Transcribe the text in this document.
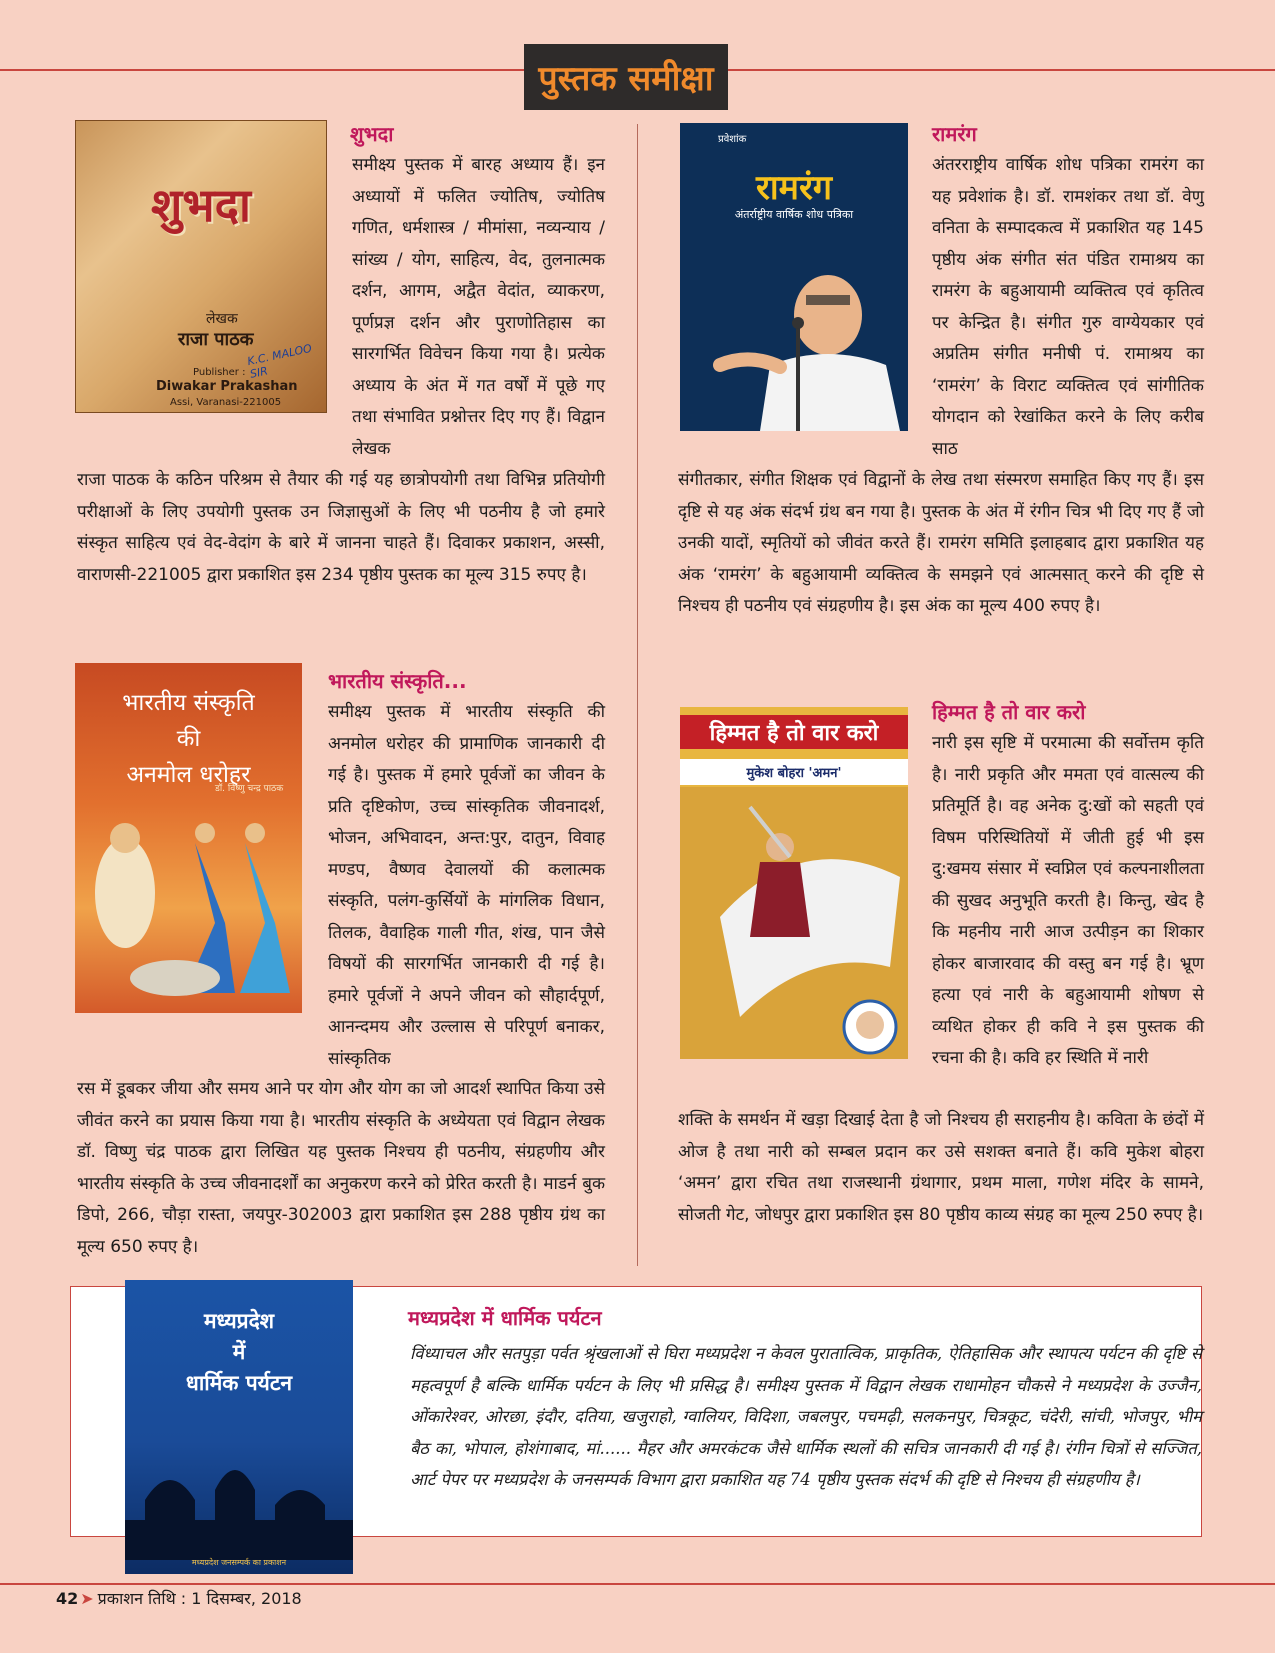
पुस्तक समीक्षा
शुभदा
लेखक
राजा पाठक
K.C. MALOO SIR
Publisher :
Diwakar Prakashan
Assi, Varanasi-221005
शुभदा

समीक्ष्य पुस्तक में बारह अध्याय हैं। इन अध्यायों में फलित ज्योतिष, ज्योतिष गणित, धर्मशास्त्र / मीमांसा, नव्यन्याय / सांख्य / योग, साहित्य, वेद, तुलनात्मक दर्शन, आगम, अद्वैत वेदांत, व्याकरण, पूर्णप्रज्ञ दर्शन और पुराणोतिहास का सारगर्भित विवेचन किया गया है। प्रत्येक अध्याय के अंत में गत वर्षों में पूछे गए तथा संभावित प्रश्नोत्तर दिए गए हैं। विद्वान लेखक

राजा पाठक के कठिन परिश्रम से तैयार की गई यह छात्रोपयोगी तथा विभिन्न प्रतियोगी परीक्षाओं के लिए उपयोगी पुस्तक उन जिज्ञासुओं के लिए भी पठनीय है जो हमारे संस्कृत साहित्य एवं वेद-वेदांग के बारे में जानना चाहते हैं। दिवाकर प्रकाशन, अस्सी, वाराणसी-221005 द्वारा प्रकाशित इस 234 पृष्ठीय पुस्तक का मूल्य 315 रुपए है।

प्रवेशांक
रामरंग
अंतर्राष्ट्रीय वार्षिक शोध पत्रिका
रामरंग

अंतरराष्ट्रीय वार्षिक शोध पत्रिका रामरंग का यह प्रवेशांक है। डॉ. रामशंकर तथा डॉ. वेणु वनिता के सम्पादकत्व में प्रकाशित यह 145 पृष्ठीय अंक संगीत संत पंडित रामाश्रय का रामरंग के बहुआयामी व्यक्तित्व एवं कृतित्व पर केन्द्रित है। संगीत गुरु वाग्येयकार एवं अप्रतिम संगीत मनीषी पं. रामाश्रय का ‘रामरंग’ के विराट व्यक्तित्व एवं सांगीतिक योगदान को रेखांकित करने के लिए करीब साठ

संगीतकार, संगीत शिक्षक एवं विद्वानों के लेख तथा संस्मरण समाहित किए गए हैं। इस दृष्टि से यह अंक संदर्भ ग्रंथ बन गया है। पुस्तक के अंत में रंगीन चित्र भी दिए गए हैं जो उनकी यादों, स्मृतियों को जीवंत करते हैं। रामरंग समिति इलाहबाद द्वारा प्रकाशित यह अंक ‘रामरंग’ के बहुआयामी व्यक्तित्व के समझने एवं आत्मसात् करने की दृष्टि से निश्चय ही पठनीय एवं संग्रहणीय है। इस अंक का मूल्य 400 रुपए है।

भारतीय संस्कृति
की
अनमोल धरोहर
डॉ. विष्णु चन्द्र पाठक
भारतीय संस्कृति...

समीक्ष्य पुस्तक में भारतीय संस्कृति की अनमोल धरोहर की प्रामाणिक जानकारी दी गई है। पुस्तक में हमारे पूर्वजों का जीवन के प्रति दृष्टिकोण, उच्च सांस्कृतिक जीवनादर्श, भोजन, अभिवादन, अन्त:पुर, दातुन, विवाह मण्डप, वैष्णव देवालयों की कलात्मक संस्कृति, पलंग-कुर्सियों के मांगलिक विधान, तिलक, वैवाहिक गाली गीत, शंख, पान जैसे विषयों की सारगर्भित जानकारी दी गई है। हमारे पूर्वजों ने अपने जीवन को सौहार्दपूर्ण, आनन्दमय और उल्लास से परिपूर्ण बनाकर, सांस्कृतिक

रस में डूबकर जीया और समय आने पर योग और योग का जो आदर्श स्थापित किया उसे जीवंत करने का प्रयास किया गया है। भारतीय संस्कृति के अध्येयता एवं विद्वान लेखक डॉ. विष्णु चंद्र पाठक द्वारा लिखित यह पुस्तक निश्चय ही पठनीय, संग्रहणीय और भारतीय संस्कृति के उच्च जीवनादर्शों का अनुकरण करने को प्रेरित करती है। माडर्न बुक डिपो, 266, चौड़ा रास्ता, जयपुर-302003 द्वारा प्रकाशित इस 288 पृष्ठीय ग्रंथ का मूल्य 650 रुपए है।

हिम्मत है तो वार करो
मुकेश बोहरा 'अमन'
हिम्मत है तो वार करो

नारी इस सृष्टि में परमात्मा की सर्वोत्तम कृति है। नारी प्रकृति और ममता एवं वात्सल्य की प्रतिमूर्ति है। वह अनेक दु:खों को सहती एवं विषम परिस्थितियों में जीती हुई भी इस दु:खमय संसार में स्वप्निल एवं कल्पनाशीलता की सुखद अनुभूति करती है। किन्तु, खेद है कि महनीय नारी आज उत्पीड़न का शिकार होकर बाजारवाद की वस्तु बन गई है। भ्रूण हत्या एवं नारी के बहुआयामी शोषण से व्यथित होकर ही कवि ने इस पुस्तक की रचना की है। कवि हर स्थिति में नारी

शक्ति के समर्थन में खड़ा दिखाई देता है जो निश्चय ही सराहनीय है। कविता के छंदों में ओज है तथा नारी को सम्बल प्रदान कर उसे सशक्त बनाते हैं। कवि मुकेश बोहरा ‘अमन’ द्वारा रचित तथा राजस्थानी ग्रंथागार, प्रथम माला, गणेश मंदिर के सामने, सोजती गेट, जोधपुर द्वारा प्रकाशित इस 80 पृष्ठीय काव्य संग्रह का मूल्य 250 रुपए है।

मध्यप्रदेश
में
धार्मिक पर्यटन
मध्यप्रदेश जनसम्पर्क का प्रकाशन
मध्यप्रदेश में धार्मिक पर्यटन

विंध्याचल और सतपुड़ा पर्वत श्रृंखलाओं से घिरा मध्यप्रदेश न केवल पुरातात्विक, प्राकृतिक, ऐतिहासिक और स्थापत्य पर्यटन की दृष्टि से महत्वपूर्ण है बल्कि धार्मिक पर्यटन के लिए भी प्रसिद्ध है। समीक्ष्य पुस्तक में विद्वान लेखक राधामोहन चौकसे ने मध्यप्रदेश के उज्जैन, ओंकारेश्वर, ओरछा, इंदौर, दतिया, खजुराहो, ग्वालियर, विदिशा, जबलपुर, पचमढ़ी, सलकनपुर, चित्रकूट, चंदेरी, सांची, भोजपुर, भीम बैठ का, भोपाल, होशंगाबाद, मां...... मैहर और अमरकंटक जैसे धार्मिक स्थलों की सचित्र जानकारी दी गई है। रंगीन चित्रों से सज्जित, आर्ट पेपर पर मध्यप्रदेश के जनसम्पर्क विभाग द्वारा प्रकाशित यह 74 पृष्ठीय पुस्तक संदर्भ की दृष्टि से निश्चय ही संग्रहणीय है।

42 ➤ प्रकाशन तिथि : 1 दिसम्बर, 2018
